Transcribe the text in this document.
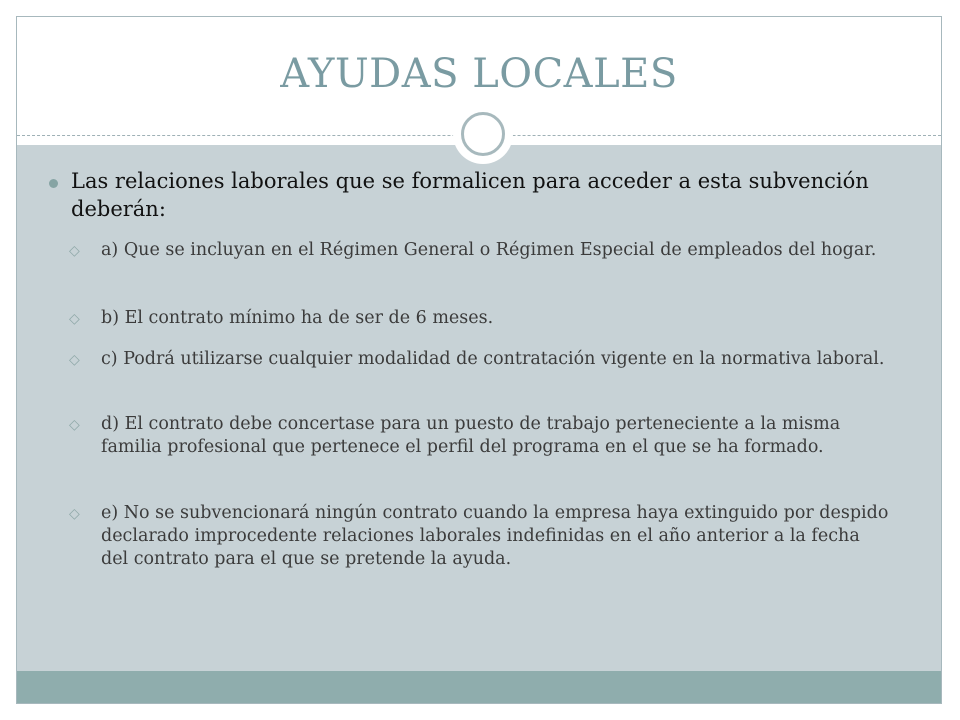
AYUDAS LOCALES
Las relaciones laborales que se formalicen para acceder a esta subvención deberán:
◇ a) Que se incluyan en el Régimen General o Régimen Especial de empleados del hogar.
◇ b) El contrato mínimo ha de ser de 6 meses.
◇ c) Podrá utilizarse cualquier modalidad de contratación vigente en la normativa laboral.
◇ d) El contrato debe concertase para un puesto de trabajo perteneciente a la misma familia profesional que pertenece el perfil del programa en el que se ha formado.
◇ e) No se subvencionará ningún contrato cuando la empresa haya extinguido por despido declarado improcedente relaciones laborales indefinidas en el año anterior a la fecha del contrato para el que se pretende la ayuda.
